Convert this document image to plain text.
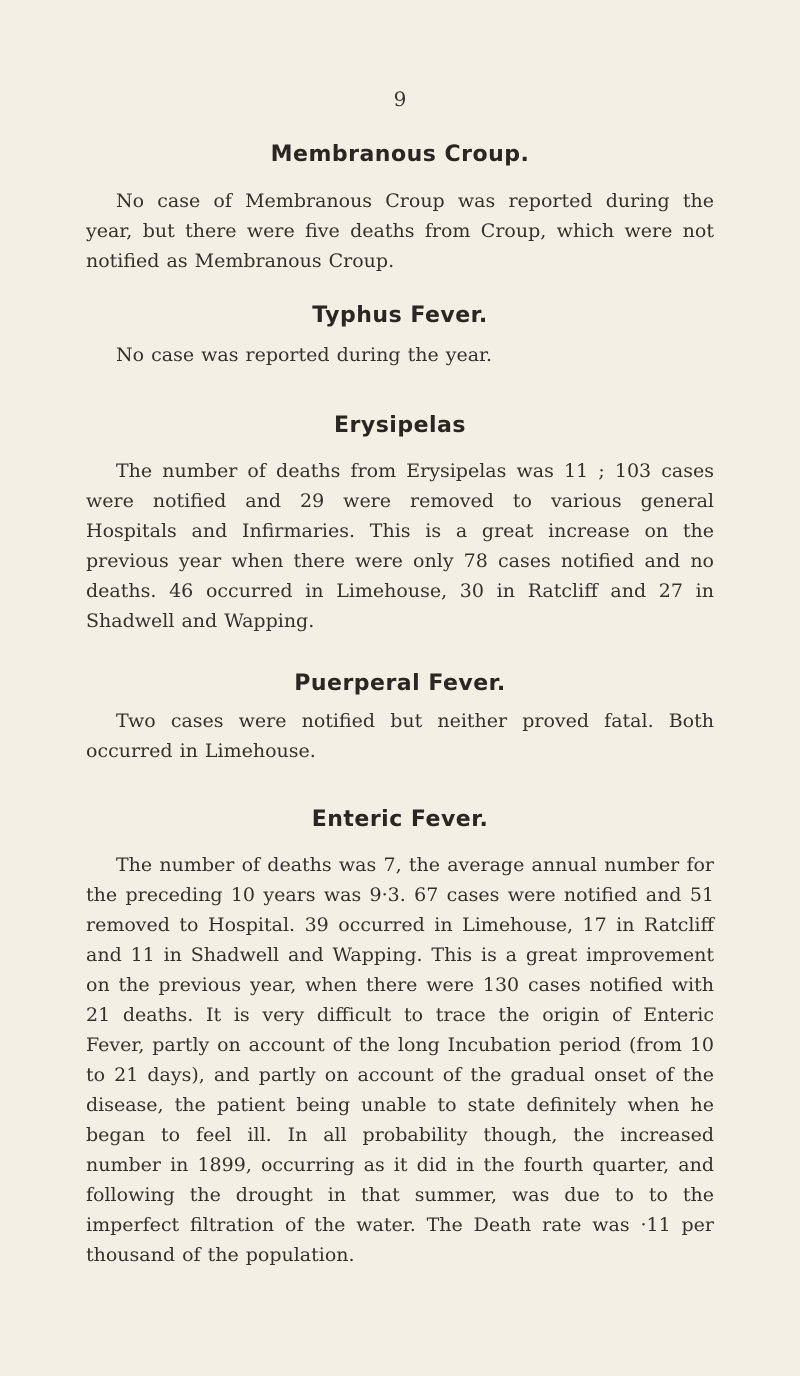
9
Membranous Croup.

No case of Membranous Croup was reported during the year, but there were five deaths from Croup, which were not notified as Membranous Croup.

Typhus Fever.

No case was reported during the year.

Erysipelas

The number of deaths from Erysipelas was 11 ; 103 cases were notified and 29 were removed to various general Hospitals and Infirmaries. This is a great increase on the previous year when there were only 78 cases notified and no deaths. 46 occurred in Limehouse, 30 in Ratcliff and 27 in Shadwell and Wapping.

Puerperal Fever.

Two cases were notified but neither proved fatal. Both occurred in Limehouse.

Enteric Fever.

The number of deaths was 7, the average annual number for the preceding 10 years was 9·3. 67 cases were notified and 51 removed to Hospital. 39 occurred in Limehouse, 17 in Ratcliff and 11 in Shadwell and Wapping. This is a great improvement on the previous year, when there were 130 cases notified with 21 deaths. It is very difficult to trace the origin of Enteric Fever, partly on account of the long Incubation period (from 10 to 21 days), and partly on account of the gradual onset of the disease, the patient being unable to state definitely when he began to feel ill. In all probability though, the increased number in 1899, occurring as it did in the fourth quarter, and following the drought in that summer, was due to to the imperfect filtration of the water. The Death rate was ·11 per thousand of the population.
